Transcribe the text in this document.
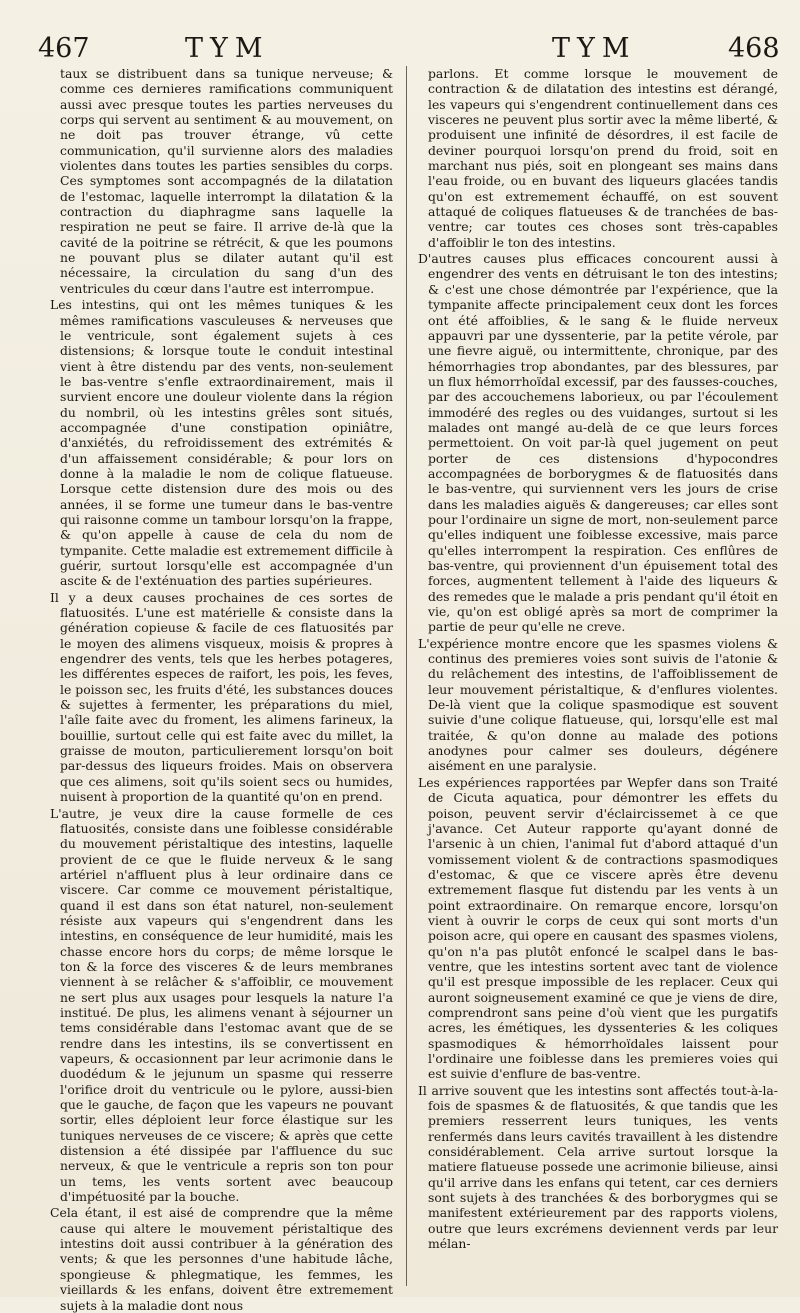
467	TYM	TYM	468

taux se distribuent dans sa tunique nerveuse; & comme ces dernieres ramifications communiquent aussi avec presque toutes les parties nerveuses du corps qui servent au sentiment & au mouvement, on ne doit pas trouver étrange, vû cette communication, qu'il survienne alors des maladies violentes dans toutes les parties sensibles du corps. Ces symptomes sont accompagnés de la dilatation de l'estomac, laquelle interrompt la dilatation & la contraction du diaphragme sans laquelle la respiration ne peut se faire. Il arrive de-là que la cavité de la poitrine se rétrécit, & que les poumons ne pouvant plus se dilater autant qu'il est nécessaire, la circulation du sang d'un des ventricules du cœur dans l'autre est interrompue.

Les intestins, qui ont les mêmes tuniques & les mêmes ramifications vasculeuses & nerveuses que le ventricule, sont également sujets à ces distensions; & lorsque toute le conduit intestinal vient à être distendu par des vents, non-seulement le bas-ventre s'enfle extraordinairement, mais il survient encore une douleur violente dans la région du nombril, où les intestins grêles sont situés, accompagnée d'une constipation opiniâtre, d'anxiétés, du refroidissement des extrémités & d'un affaissement considérable; & pour lors on donne à la maladie le nom de colique flatueuse. Lorsque cette distension dure des mois ou des années, il se forme une tumeur dans le bas-ventre qui raisonne comme un tambour lorsqu'on la frappe, & qu'on appelle à cause de cela du nom de tympanite. Cette maladie est extremement difficile à guérir, surtout lorsqu'elle est accompagnée d'un ascite & de l'exténuation des parties supérieures.

Il y a deux causes prochaines de ces sortes de flatuosités. L'une est matérielle & consiste dans la génération copieuse & facile de ces flatuosités par le moyen des alimens visqueux, moisis & propres à engendrer des vents, tels que les herbes potageres, les différentes especes de raifort, les pois, les feves, le poisson sec, les fruits d'été, les substances douces & sujettes à fermenter, les préparations du miel, l'aîle faite avec du froment, les alimens farineux, la bouillie, surtout celle qui est faite avec du millet, la graisse de mouton, particulierement lorsqu'on boit par-dessus des liqueurs froides. Mais on observera que ces alimens, soit qu'ils soient secs ou humides, nuisent à proportion de la quantité qu'on en prend.

L'autre, je veux dire la cause formelle de ces flatuosités, consiste dans une foiblesse considérable du mouvement péristaltique des intestins, laquelle provient de ce que le fluide nerveux & le sang artériel n'affluent plus à leur ordinaire dans ce viscere. Car comme ce mouvement péristaltique, quand il est dans son état naturel, non-seulement résiste aux vapeurs qui s'engendrent dans les intestins, en conséquence de leur humidité, mais les chasse encore hors du corps; de même lorsque le ton & la force des visceres & de leurs membranes viennent à se relâcher & s'affoiblir, ce mouvement ne sert plus aux usages pour lesquels la nature l'a institué. De plus, les alimens venant à séjourner un tems considérable dans l'estomac avant que de se rendre dans les intestins, ils se convertissent en vapeurs, & occasionnent par leur acrimonie dans le duodédum & le jejunum un spasme qui resserre l'orifice droit du ventricule ou le pylore, aussi-bien que le gauche, de façon que les vapeurs ne pouvant sortir, elles déploient leur force élastique sur les tuniques nerveuses de ce viscere; & après que cette distension a été dissipée par l'affluence du suc nerveux, & que le ventricule a repris son ton pour un tems, les vents sortent avec beaucoup d'impétuosité par la bouche.

Cela étant, il est aisé de comprendre que la même cause qui altere le mouvement péristaltique des intestins doit aussi contribuer à la génération des vents; & que les personnes d'une habitude lâche, spongieuse & phlegmatique, les femmes, les vieillards & les enfans, doivent être extremement sujets à la maladie dont nous

parlons. Et comme lorsque le mouvement de contraction & de dilatation des intestins est dérangé, les vapeurs qui s'engendrent continuellement dans ces visceres ne peuvent plus sortir avec la même liberté, & produisent une infinité de désordres, il est facile de deviner pourquoi lorsqu'on prend du froid, soit en marchant nus piés, soit en plongeant ses mains dans l'eau froide, ou en buvant des liqueurs glacées tandis qu'on est extremement échauffé, on est souvent attaqué de coliques flatueuses & de tranchées de bas-ventre; car toutes ces choses sont très-capables d'affoiblir le ton des intestins.

D'autres causes plus efficaces concourent aussi à engendrer des vents en détruisant le ton des intestins; & c'est une chose démontrée par l'expérience, que la tympanite affecte principalement ceux dont les forces ont été affoiblies, & le sang & le fluide nerveux appauvri par une dyssenterie, par la petite vérole, par une fievre aiguë, ou intermittente, chronique, par des hémorrhagies trop abondantes, par des blessures, par un flux hémorrhoïdal excessif, par des fausses-couches, par des accouchemens laborieux, ou par l'écoulement immodéré des regles ou des vuidanges, surtout si les malades ont mangé au-delà de ce que leurs forces permettoient. On voit par-là quel jugement on peut porter de ces distensions d'hypocondres accompagnées de borborygmes & de flatuosités dans le bas-ventre, qui surviennent vers les jours de crise dans les maladies aiguës & dangereuses; car elles sont pour l'ordinaire un signe de mort, non-seulement parce qu'elles indiquent une foiblesse excessive, mais parce qu'elles interrompent la respiration. Ces enflûres de bas-ventre, qui proviennent d'un épuisement total des forces, augmentent tellement à l'aide des liqueurs & des remedes que le malade a pris pendant qu'il étoit en vie, qu'on est obligé après sa mort de comprimer la partie de peur qu'elle ne creve.

L'expérience montre encore que les spasmes violens & continus des premieres voies sont suivis de l'atonie & du relâchement des intestins, de l'affoiblissement de leur mouvement péristaltique, & d'enflures violentes. De-là vient que la colique spasmodique est souvent suivie d'une colique flatueuse, qui, lorsqu'elle est mal traitée, & qu'on donne au malade des potions anodynes pour calmer ses douleurs, dégénere aisément en une paralysie.

Les expériences rapportées par Wepfer dans son Traité de Cicuta aquatica, pour démontrer les effets du poison, peuvent servir d'éclaircissemet à ce que j'avance. Cet Auteur rapporte qu'ayant donné de l'arsenic à un chien, l'animal fut d'abord attaqué d'un vomissement violent & de contractions spasmodiques d'estomac, & que ce viscere après être devenu extremement flasque fut distendu par les vents à un point extraordinaire. On remarque encore, lorsqu'on vient à ouvrir le corps de ceux qui sont morts d'un poison acre, qui opere en causant des spasmes violens, qu'on n'a pas plutôt enfoncé le scalpel dans le bas-ventre, que les intestins sortent avec tant de violence qu'il est presque impossible de les replacer. Ceux qui auront soigneusement examiné ce que je viens de dire, comprendront sans peine d'où vient que les purgatifs acres, les émétiques, les dyssenteries & les coliques spasmodiques & hémorrhoïdales laissent pour l'ordinaire une foiblesse dans les premieres voies qui est suivie d'enflure de bas-ventre.

Il arrive souvent que les intestins sont affectés tout-à-la-fois de spasmes & de flatuosités, & que tandis que les premiers resserrent leurs tuniques, les vents renfermés dans leurs cavités travaillent à les distendre considérablement. Cela arrive surtout lorsque la matiere flatueuse possede une acrimonie bilieuse, ainsi qu'il arrive dans les enfans qui tetent, car ces derniers sont sujets à des tranchées & des borborygmes qui se manifestent extérieurement par des rapports violens, outre que leurs excrémens deviennent verds par leur mélan-
